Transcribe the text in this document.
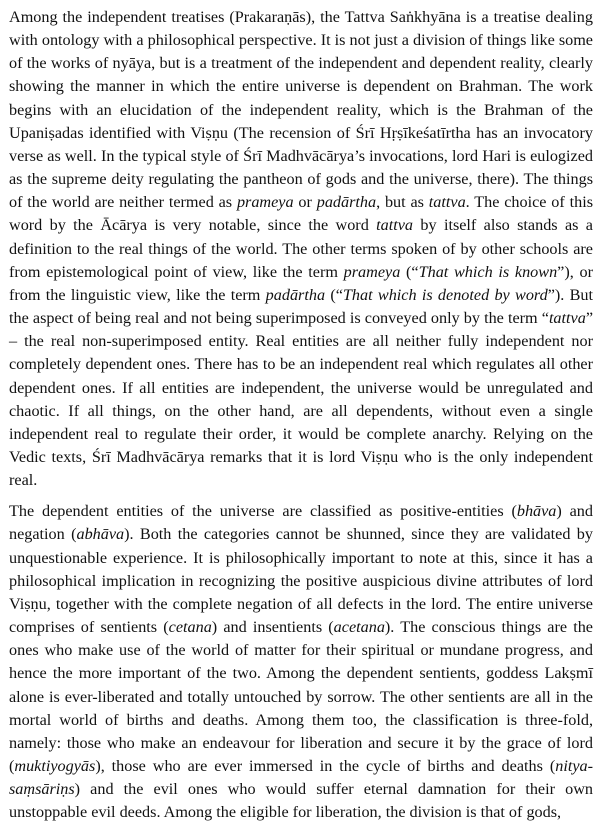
Among the independent treatises (Prakaraṇās), the Tattva Saṅkhyāna is a treatise dealing with ontology with a philosophical perspective. It is not just a division of things like some of the works of nyāya, but is a treatment of the independent and dependent reality, clearly showing the manner in which the entire universe is dependent on Brahman. The work begins with an elucidation of the independent reality, which is the Brahman of the Upaniṣadas identified with Viṣṇu (The recension of Śrī Hṛṣīkeśatīrtha has an invocatory verse as well. In the typical style of Śrī Madhvācārya’s invocations, lord Hari is eulogized as the supreme deity regulating the pantheon of gods and the universe, there). The things of the world are neither termed as prameya or padārtha, but as tattva. The choice of this word by the Ācārya is very notable, since the word tattva by itself also stands as a definition to the real things of the world. The other terms spoken of by other schools are from epistemological point of view, like the term prameya (“That which is known”), or from the linguistic view, like the term padārtha (“That which is denoted by word”). But the aspect of being real and not being superimposed is conveyed only by the term “tattva” – the real non-superimposed entity. Real entities are all neither fully independent nor completely dependent ones. There has to be an independent real which regulates all other dependent ones. If all entities are independent, the universe would be unregulated and chaotic. If all things, on the other hand, are all dependents, without even a single independent real to regulate their order, it would be complete anarchy. Relying on the Vedic texts, Śrī Madhvācārya remarks that it is lord Viṣṇu who is the only independent real.

The dependent entities of the universe are classified as positive-entities (bhāva) and negation (abhāva). Both the categories cannot be shunned, since they are validated by unquestionable experience. It is philosophically important to note at this, since it has a philosophical implication in recognizing the positive auspicious divine attributes of lord Viṣṇu, together with the complete negation of all defects in the lord. The entire universe comprises of sentients (cetana) and insentients (acetana). The conscious things are the ones who make use of the world of matter for their spiritual or mundane progress, and hence the more important of the two. Among the dependent sentients, goddess Lakṣmī alone is ever-liberated and totally untouched by sorrow. The other sentients are all in the mortal world of births and deaths. Among them too, the classification is three-fold, namely: those who make an endeavour for liberation and secure it by the grace of lord (muktiyogyās), those who are ever immersed in the cycle of births and deaths (nitya-saṃsāriṇs) and the evil ones who would suffer eternal damnation for their own unstoppable evil deeds. Among the eligible for liberation, the division is that of gods,
